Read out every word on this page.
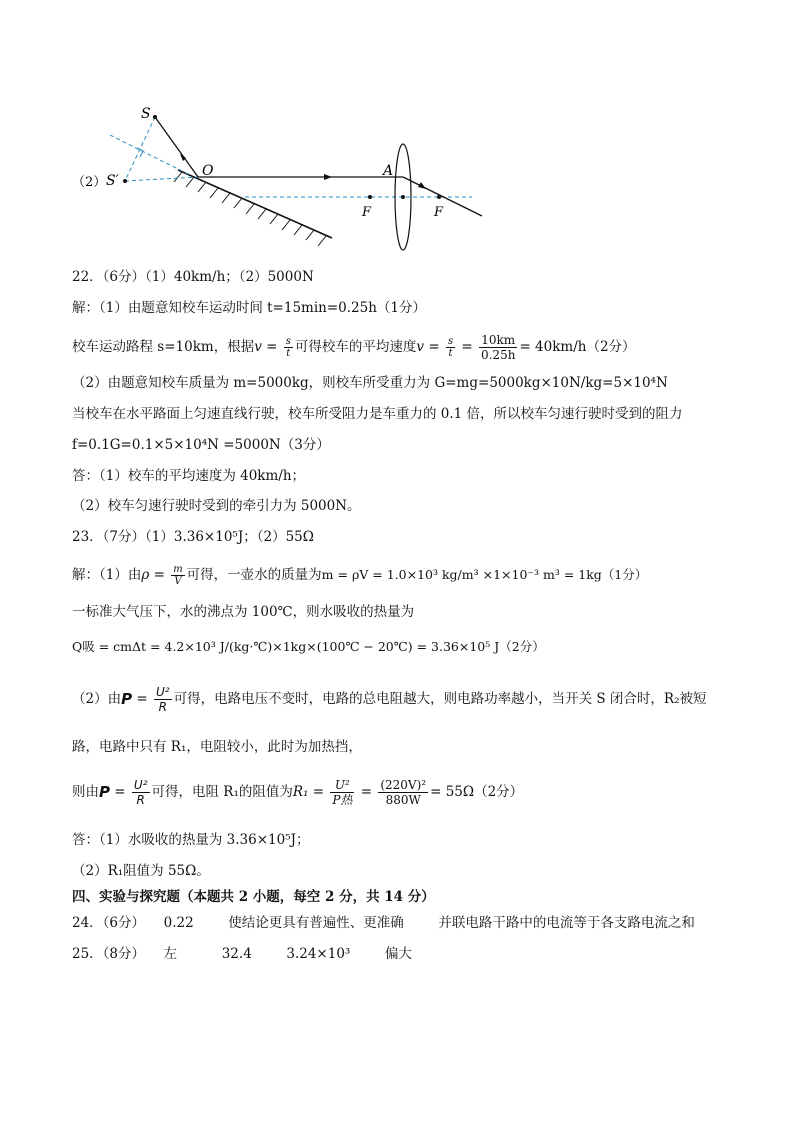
（2）
S
S′
O	A
F	F
22．（6分）（1）40km/h；（2）5000N
解：（1）由题意知校车运动时间 t=15min=0.25h（1分）
校车运动路程 s=10km，根据 $v = \frac{s}{t}$ 可得校车的平均速度 $v = \frac{s}{t} = \frac{10km}{0.25h} = 40km/h(2$分）
（2）由题意知校车质量为 m=5000kg，则校车所受重力为 G=mg=5000kg×10N/kg=5×10⁴N
当校车在水平路面上匀速直线行驶，校车所受阻力是车重力的 0.1 倍，所以校车匀速行驶时受到的阻力
f=0.1G=0.1×5×10⁴N =5000N（3分）
答：（1）校车的平均速度为 40km/h；
（2）校车匀速行驶时受到的牵引力为 5000N。
23．（7分）（1）3.36×10⁵J；（2）55Ω
解：（1）由 $\rho = \frac{m}{V}$ 可得，一壶水的质量为 m = ρV = 1.0×10³ kg/m³ ×1×10⁻³ m³ = 1kg（1分）
一标准大气压下，水的沸点为 100℃，则水吸收的热量为
Q吸 = cmΔt = 4.2×10³ J/(kg·℃)×1kg×(100℃ − 20℃) = 3.36×10⁵ J（2分）
（2）由 $P = \frac{\text{U²}}{R}$ 可得，电路电压不变时，电路的总电阻越大，则电路功率越小，当开关 S 闭合时，R₂被短
路，电路中只有 R₁，电阻较小，此时为加热挡，
则由 $P = \frac{\text{U²}}{R}$ 可得，电阻 R₁的阻值为 $R_1 = \frac{\text{U²}}{\text{P热}} = \frac{\text{(220V)²}}{880W} = 55\Omega(2$分）
答：（1）水吸收的热量为 3.36×10⁵J；
（2）R₁阻值为 55Ω。
四、实验与探究题（本题共 2 小题，每空 2 分，共 14 分）
24．（6分） 0.22	使结论更具有普遍性、更准确	并联电路干路中的电流等于各支路电流之和
25．（8分） 左	32.4	3.24×10³	偏大
